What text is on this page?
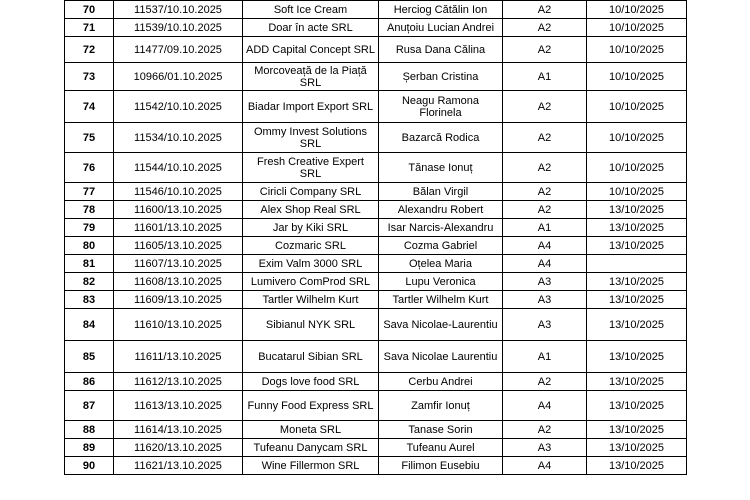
70	11537/10.10.2025	Soft Ice Cream	Herciog Cătălin Ion	A2	10/10/2025
71	11539/10.10.2025	Doar în acte SRL	Anuțoiu Lucian Andrei	A2	10/10/2025
72	11477/09.10.2025	ADD Capital Concept SRL	Rusa Dana Călina	A2	10/10/2025
73	10966/01.10.2025	Morcoveață de la Piață SRL	Șerban Cristina	A1	10/10/2025
74	11542/10.10.2025	Biadar Import Export SRL	Neagu Ramona Florinela	A2	10/10/2025
75	11534/10.10.2025	Ommy Invest Solutions SRL	Bazarcă Rodica	A2	10/10/2025
76	11544/10.10.2025	Fresh Creative Expert SRL	Tănase Ionuț	A2	10/10/2025
77	11546/10.10.2025	Ciricli Company SRL	Bălan Virgil	A2	10/10/2025
78	11600/13.10.2025	Alex Shop Real SRL	Alexandru Robert	A2	13/10/2025
79	11601/13.10.2025	Jar by Kiki SRL	Isar Narcis-Alexandru	A1	13/10/2025
80	11605/13.10.2025	Cozmaric SRL	Cozma Gabriel	A4	13/10/2025
81	11607/13.10.2025	Exim Valm 3000 SRL	Oțelea Maria	A4	
82	11608/13.10.2025	Lumivero ComProd SRL	Lupu Veronica	A3	13/10/2025
83	11609/13.10.2025	Tartler Wilhelm Kurt	Tartler Wilhelm Kurt	A3	13/10/2025
84	11610/13.10.2025	Sibianul NYK SRL	Sava Nicolae-Laurentiu	A3	13/10/2025
85	11611/13.10.2025	Bucatarul Sibian SRL	Sava Nicolae Laurentiu	A1	13/10/2025
86	11612/13.10.2025	Dogs love food SRL	Cerbu Andrei	A2	13/10/2025
87	11613/13.10.2025	Funny Food Express SRL	Zamfir Ionuț	A4	13/10/2025
88	11614/13.10.2025	Moneta SRL	Tanase Sorin	A2	13/10/2025
89	11620/13.10.2025	Tufeanu Danycam SRL	Tufeanu Aurel	A3	13/10/2025
90	11621/13.10.2025	Wine Fillermon SRL	Filimon Eusebiu	A4	13/10/2025
